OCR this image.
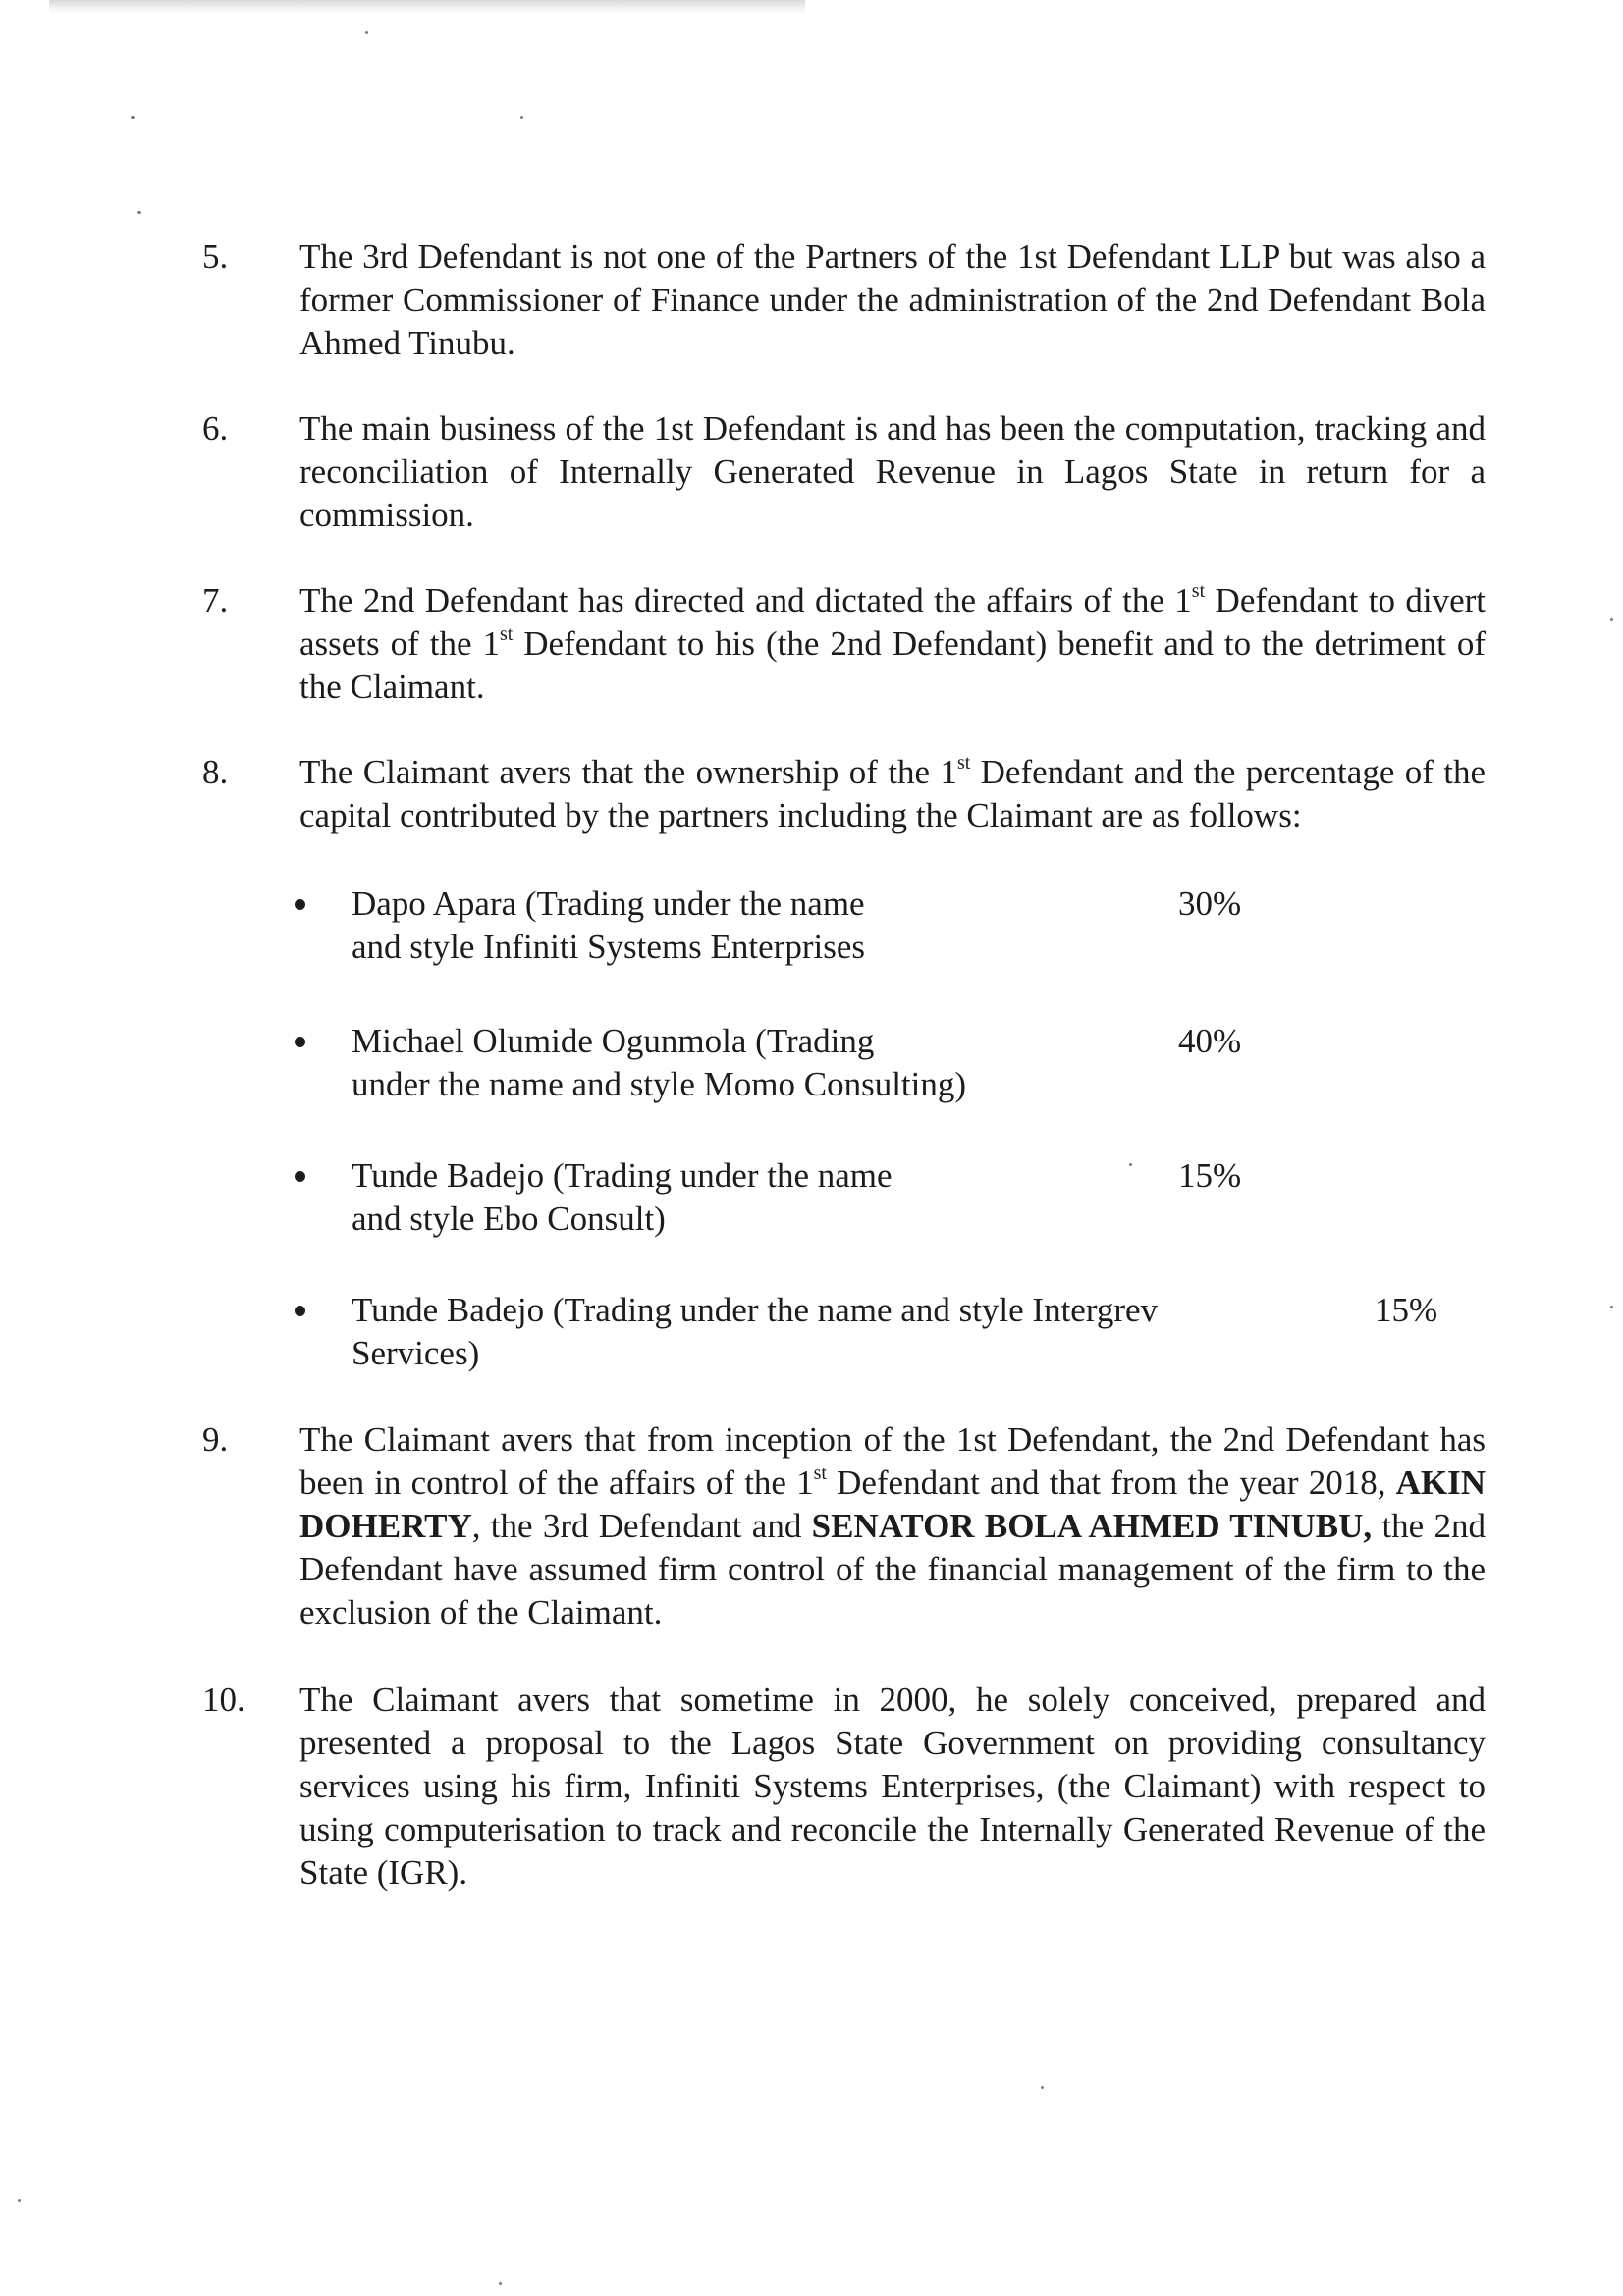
5. The 3rd Defendant is not one of the Partners of the 1st Defendant LLP but was also a former Commissioner of Finance under the administration of the 2nd Defendant Bola Ahmed Tinubu.

6. The main business of the 1st Defendant is and has been the computation, tracking and reconciliation of Internally Generated Revenue in Lagos State in return for a commission.

7. The 2nd Defendant has directed and dictated the affairs of the 1st Defendant to divert assets of the 1st Defendant to his (the 2nd Defendant) benefit and to the detriment of the Claimant.

8. The Claimant avers that the ownership of the 1st Defendant and the percentage of the capital contributed by the partners including the Claimant are as follows:

Dapo Apara (Trading under the name
and style Infiniti Systems Enterprises
30%
Michael Olumide Ogunmola (Trading
under the name and style Momo Consulting)
40%
Tunde Badejo (Trading under the name
and style Ebo Consult)
15%
Tunde Badejo (Trading under the name and style Intergrev
Services)
15%
9. The Claimant avers that from inception of the 1st Defendant, the 2nd Defendant has been in control of the affairs of the 1st Defendant and that from the year 2018, AKIN DOHERTY, the 3rd Defendant and SENATOR BOLA AHMED TINUBU, the 2nd Defendant have assumed firm control of the financial management of the firm to the exclusion of the Claimant.

10. The Claimant avers that sometime in 2000, he solely conceived, prepared and presented a proposal to the Lagos State Government on providing consultancy services using his firm, Infiniti Systems Enterprises, (the Claimant) with respect to using computerisation to track and reconcile the Internally Generated Revenue of the State (IGR).
